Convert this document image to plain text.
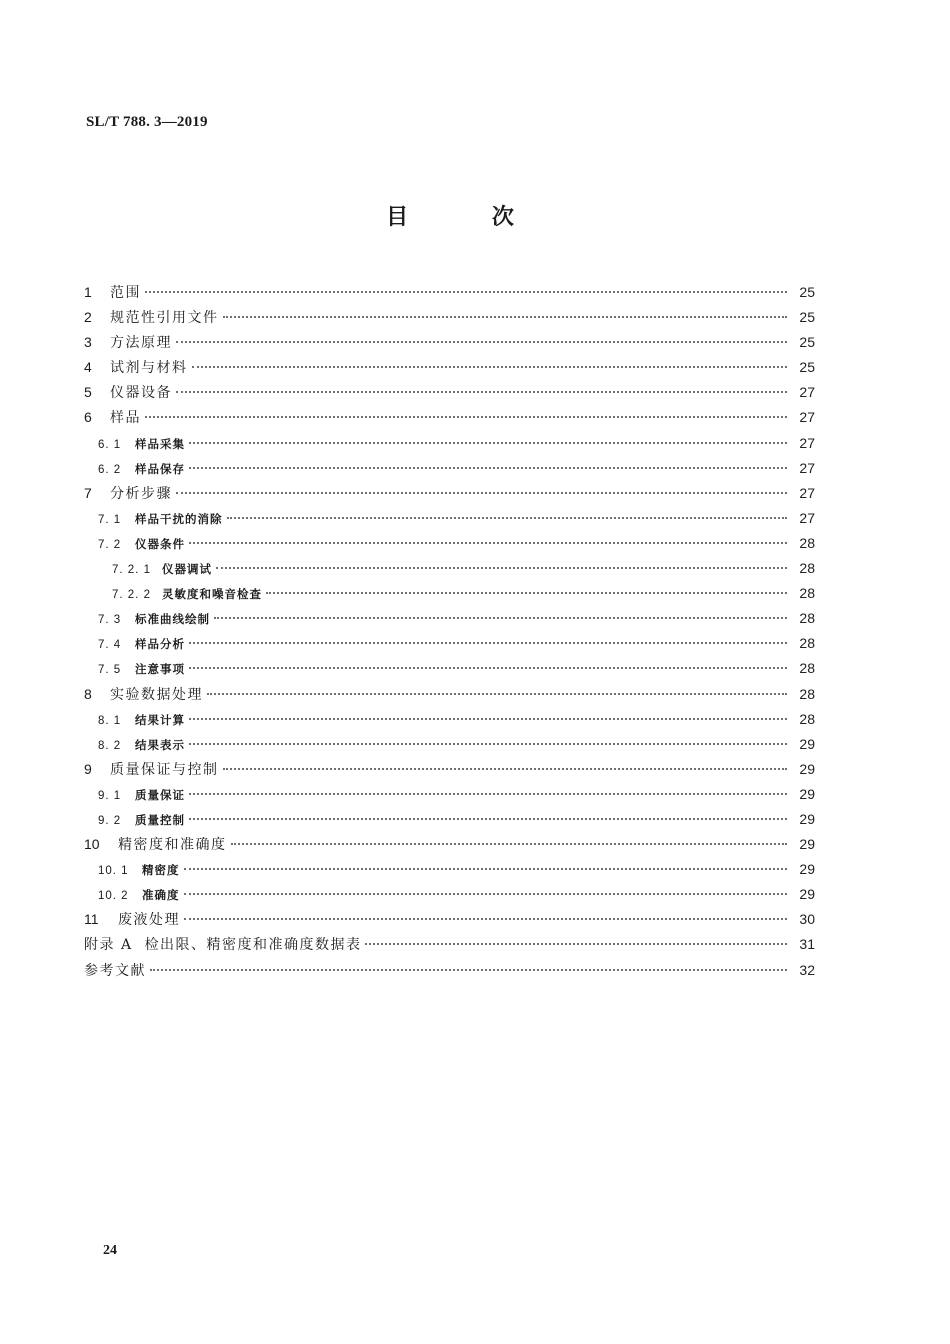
SL/T 788. 3—2019
目 次
1	范围	25
2	规范性引用文件	25
3	方法原理	25
4	试剂与材料	25
5	仪器设备	27
6	样品	27
6. 1	样品采集	27
6. 2	样品保存	27
7	分析步骤	27
7. 1	样品干扰的消除	27
7. 2	仪器条件	28
7. 2. 1 仪器调试	28
7. 2. 2 灵敏度和噪音检查	28
7. 3	标准曲线绘制	28
7. 4	样品分析	28
7. 5	注意事项	28
8	实验数据处理	28
8. 1	结果计算	28
8. 2	结果表示	29
9	质量保证与控制	29
9. 1	质量保证	29
9. 2	质量控制	29
10	精密度和准确度	29
10. 1	精密度	29
10. 2	准确度	29
11	废液处理	30
附录 A  检出限、精密度和准确度数据表	31
参考文献	32
24
